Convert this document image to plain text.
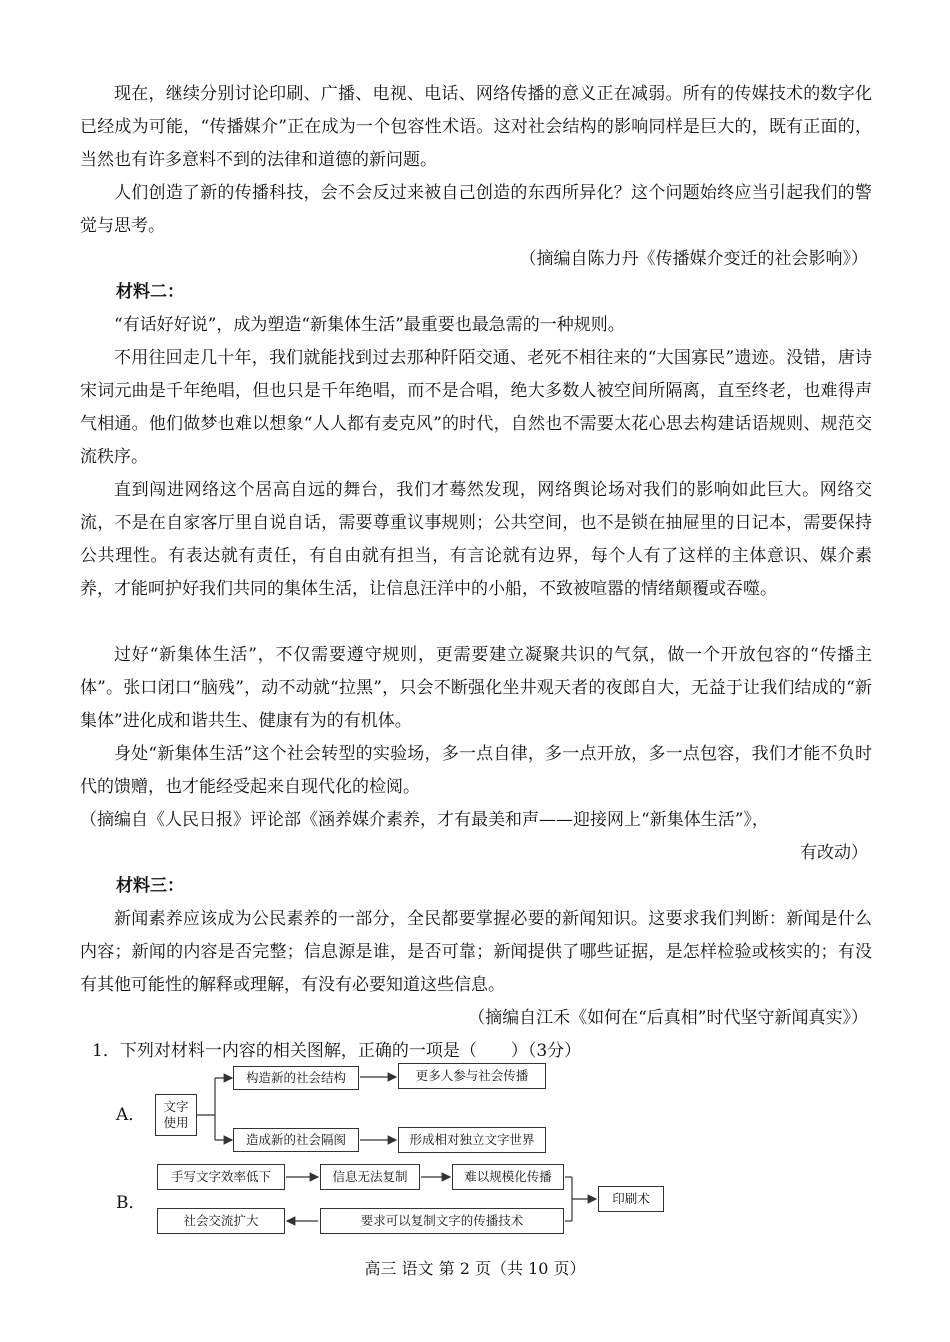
现在，继续分别讨论印刷、广播、电视、电话、网络传播的意义正在减弱。所有的传媒技术的数字化已经成为可能，“传播媒介”正在成为一个包容性术语。这对社会结构的影响同样是巨大的，既有正面的，当然也有许多意料不到的法律和道德的新问题。

人们创造了新的传播科技，会不会反过来被自己创造的东西所异化？这个问题始终应当引起我们的警觉与思考。

（摘编自陈力丹《传播媒介变迁的社会影响》）
材料二：

“有话好好说”，成为塑造“新集体生活”最重要也最急需的一种规则。

不用往回走几十年，我们就能找到过去那种阡陌交通、老死不相往来的“大国寡民”遗迹。没错，唐诗宋词元曲是千年绝唱，但也只是千年绝唱，而不是合唱，绝大多数人被空间所隔离，直至终老，也难得声气相通。他们做梦也难以想象“人人都有麦克风”的时代，自然也不需要太花心思去构建话语规则、规范交流秩序。

直到闯进网络这个居高自远的舞台，我们才蓦然发现，网络舆论场对我们的影响如此巨大。网络交流，不是在自家客厅里自说自话，需要尊重议事规则；公共空间，也不是锁在抽屉里的日记本，需要保持公共理性。有表达就有责任，有自由就有担当，有言论就有边界，每个人有了这样的主体意识、媒介素养，才能呵护好我们共同的集体生活，让信息汪洋中的小船，不致被喧嚣的情绪颠覆或吞噬。

过好“新集体生活”，不仅需要遵守规则，更需要建立凝聚共识的气氛，做一个开放包容的“传播主体”。张口闭口“脑残”，动不动就“拉黑”，只会不断强化坐井观天者的夜郎自大，无益于让我们结成的“新集体”进化成和谐共生、健康有为的有机体。

身处“新集体生活”这个社会转型的实验场，多一点自律，多一点开放，多一点包容，我们才能不负时代的馈赠，也才能经受起来自现代化的检阅。

（摘编自《人民日报》评论部《涵养媒介素养，才有最美和声——迎接网上“新集体生活”》，
有改动）
材料三：

新闻素养应该成为公民素养的一部分，全民都要掌握必要的新闻知识。这要求我们判断：新闻是什么内容；新闻的内容是否完整；信息源是谁，是否可靠；新闻提供了哪些证据，是怎样检验或核实的；有没有其他可能性的解释或理解，有没有必要知道这些信息。

（摘编自江禾《如何在“后真相”时代坚守新闻真实》）
1．下列对材料一内容的相关图解，正确的一项是（　　）（3分）
A．	文字
使用
构造新的社会结构	更多人参与社会传播
造成新的社会隔阂	形成相对独立文字世界
B．
手写文字效率低下	信息无法复制	难以规模化传播
社会交流扩大	要求可以复制文字的传播技术
印刷术
高三 语文 第 2 页（共 10 页）
